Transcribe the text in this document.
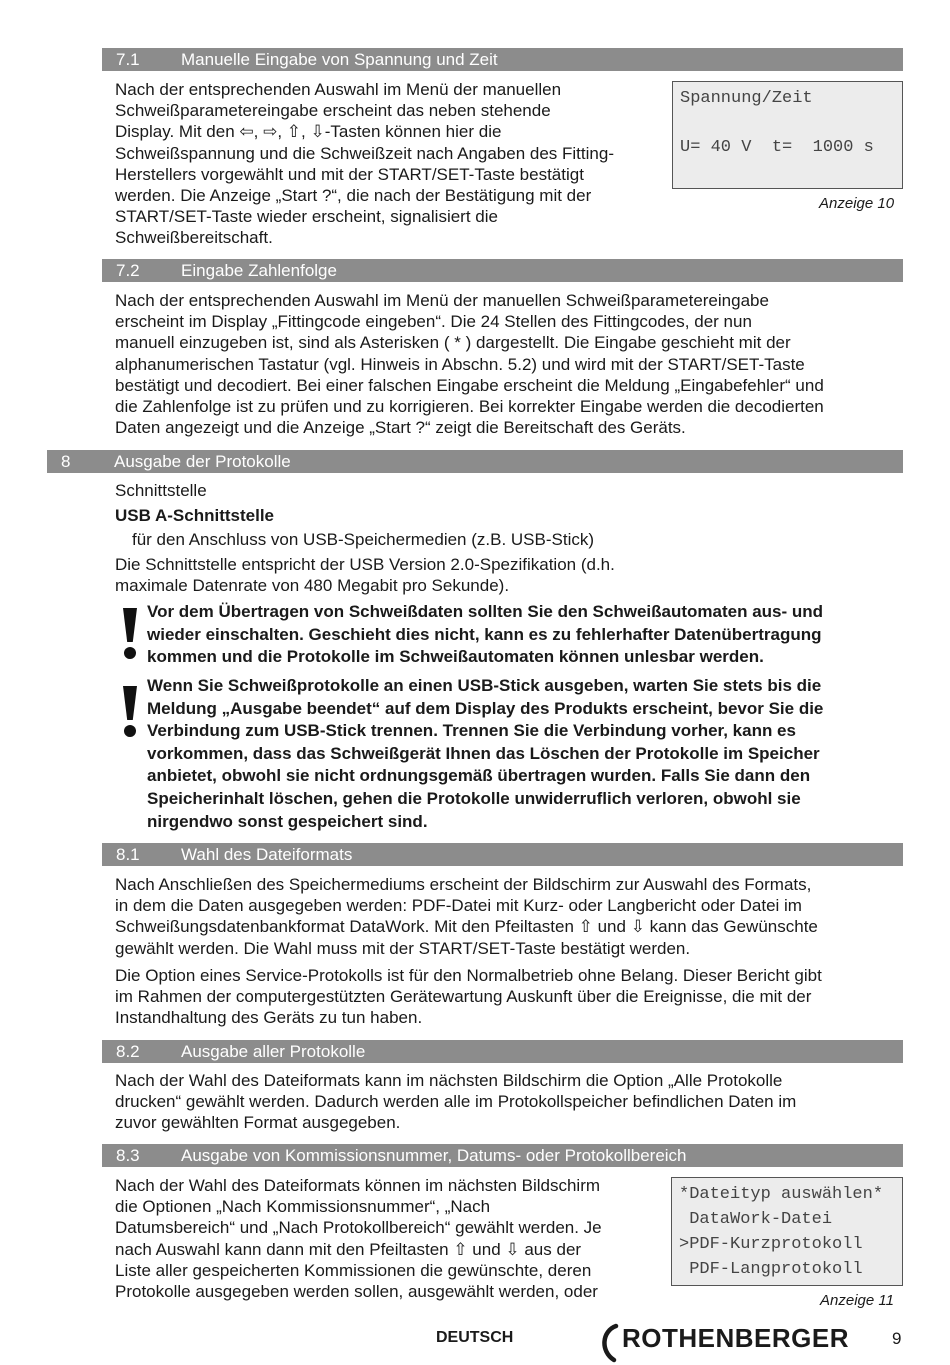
7.1 Manuelle Eingabe von Spannung und Zeit
Nach der entsprechenden Auswahl im Menü der manuellen
Schweißparametereingabe erscheint das neben stehende
Display. Mit den ⇦, ⇨, ⇧, ⇩-Tasten können hier die
Schweißspannung und die Schweißzeit nach Angaben des Fitting-
Herstellers vorgewählt und mit der START/SET-Taste bestätigt
werden. Die Anzeige „Start ?“, die nach der Bestätigung mit der
START/SET-Taste wieder erscheint, signalisiert die
Schweißbereitschaft.

Spannung/Zeit

U= 40 V  t=  1000 s

Anzeige 10
7.2 Eingabe Zahlenfolge
Nach der entsprechenden Auswahl im Menü der manuellen Schweißparametereingabe
erscheint im Display „Fittingcode eingeben“. Die 24 Stellen des Fittingcodes, der nun
manuell einzugeben ist, sind als Asterisken ( * ) dargestellt. Die Eingabe geschieht mit der
alphanumerischen Tastatur (vgl. Hinweis in Abschn. 5.2) und wird mit der START/SET-Taste
bestätigt und decodiert. Bei einer falschen Eingabe erscheint die Meldung „Eingabefehler“ und
die Zahlenfolge ist zu prüfen und zu korrigieren. Bei korrekter Eingabe werden die decodierten
Daten angezeigt und die Anzeige „Start ?“ zeigt die Bereitschaft des Geräts.
8	Ausgabe der Protokolle
Schnittstelle
USB A-Schnittstelle
für den Anschluss von USB-Speichermedien (z.B. USB-Stick)
Die Schnittstelle entspricht der USB Version 2.0-Spezifikation (d.h.
maximale Datenrate von 480 Megabit pro Sekunde).
Vor dem Übertragen von Schweißdaten sollten Sie den Schweißautomaten aus- und
wieder einschalten. Geschieht dies nicht, kann es zu fehlerhafter Datenübertragung
kommen und die Protokolle im Schweißautomaten können unlesbar werden.
Wenn Sie Schweißprotokolle an einen USB-Stick ausgeben, warten Sie stets bis die
Meldung „Ausgabe beendet“ auf dem Display des Produkts erscheint, bevor Sie die
Verbindung zum USB-Stick trennen. Trennen Sie die Verbindung vorher, kann es
vorkommen, dass das Schweißgerät Ihnen das Löschen der Protokolle im Speicher
anbietet, obwohl sie nicht ordnungsgemäß übertragen wurden. Falls Sie dann den
Speicherinhalt löschen, gehen die Protokolle unwiderruflich verloren, obwohl sie
nirgendwo sonst gespeichert sind.
8.1 Wahl des Dateiformats
Nach Anschließen des Speichermediums erscheint der Bildschirm zur Auswahl des Formats,
in dem die Daten ausgegeben werden: PDF-Datei mit Kurz- oder Langbericht oder Datei im
Schweißungsdatenbankformat DataWork. Mit den Pfeiltasten ⇧ und ⇩ kann das Gewünschte
gewählt werden. Die Wahl muss mit der START/SET-Taste bestätigt werden.
Die Option eines Service-Protokolls ist für den Normalbetrieb ohne Belang. Dieser Bericht gibt
im Rahmen der computergestützten Gerätewartung Auskunft über die Ereignisse, die mit der
Instandhaltung des Geräts zu tun haben.
8.2 Ausgabe aller Protokolle
Nach der Wahl des Dateiformats kann im nächsten Bildschirm die Option „Alle Protokolle
drucken“ gewählt werden. Dadurch werden alle im Protokollspeicher befindlichen Daten im
zuvor gewählten Format ausgegeben.
8.3 Ausgabe von Kommissionsnummer, Datums- oder Protokollbereich
Nach der Wahl des Dateiformats können im nächsten Bildschirm
die Optionen „Nach Kommissionsnummer“, „Nach
Datumsbereich“ und „Nach Protokollbereich“ gewählt werden. Je
nach Auswahl kann dann mit den Pfeiltasten ⇧ und ⇩ aus der
Liste aller gespeicherten Kommissionen die gewünschte, deren
Protokolle ausgegeben werden sollen, ausgewählt werden, oder

*Dateityp auswählen*

DataWork-Datei

>PDF-Kurzprotokoll

PDF-Langprotokoll

Anzeige 11
DEUTSCH	ROTHENBERGER	9
